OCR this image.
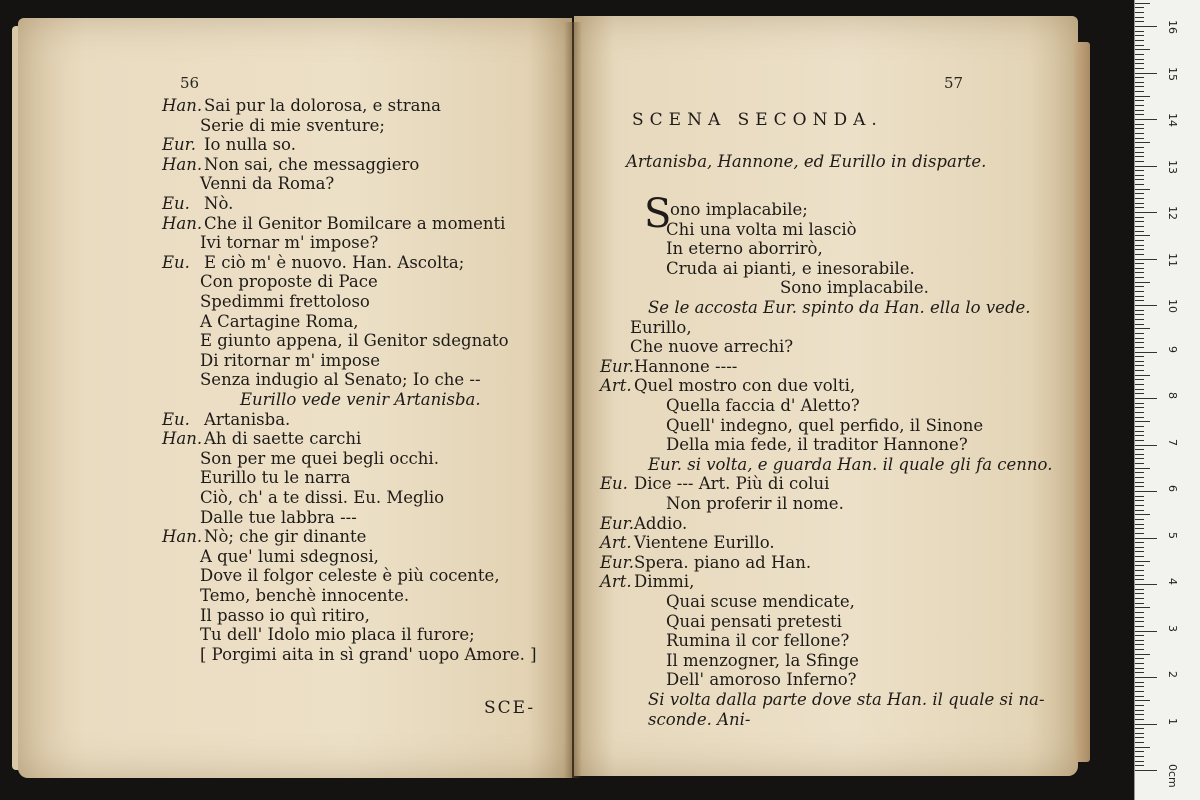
56
SCE-
Han. Sai pur la dolorosa, e strana
Serie di mie sventure;
Eur. Io nulla so.
Han. Non sai, che messaggiero
Venni da Roma?
Eu. Nò.
Han. Che il Genitor Bomilcare a momenti
Ivi tornar m' impose?
Eu. E ciò m' è nuovo. Han. Ascolta;
Con proposte di Pace
Spedimmi frettoloso
A Cartagine Roma,
E giunto appena, il Genitor sdegnato
Di ritornar m' impose
Senza indugio al Senato; Io che --
Eurillo vede venir Artanisba.
Eu. Artanisba.
Han. Ah di saette carchi
Son per me quei begli occhi.
Eurillo tu le narra
Ciò, ch' a te dissi. Eu. Meglio
Dalle tue labbra ---
Han. Nò; che gir dinante
A que' lumi sdegnosi,
Dove il folgor celeste è più cocente,
Temo, benchè innocente.
Il passo io quì ritiro,
Tu dell' Idolo mio placa il furore;
[ Porgimi aita in sì grand' uopo Amore. ]
57
SCENA SECONDA.
Artanisba, Hannone, ed Eurillo in disparte.
S
ono implacabile;
Chi una volta mi lasciò
In eterno aborrirò,
Cruda ai pianti, e inesorabile.
Sono implacabile.
Se le accosta Eur. spinto da Han. ella lo vede.
Eurillo,
Che nuove arrechi?
Eur. Hannone ----
Art. Quel mostro con due volti,
Quella faccia d' Aletto?
Quell' indegno, quel perfido, il Sinone
Della mia fede, il traditor Hannone?
Eur. si volta, e guarda Han. il quale gli fa cenno.
Eu. Dice --- Art. Più di colui
Non proferir il nome.
Eur. Addio.
Art. Vientene Eurillo.
Eur. Spera. piano ad Han.
Art. Dimmi,
Quai scuse mendicate,
Quai pensati pretesti
Rumina il cor fellone?
Il menzogner, la Sfinge
Dell' amoroso Inferno?
Si volta dalla parte dove sta Han. il quale si na-
sconde. Ani-
0cm
1
2
3
4
5
6
7
8
9
10
11
12
13
14
15
16
